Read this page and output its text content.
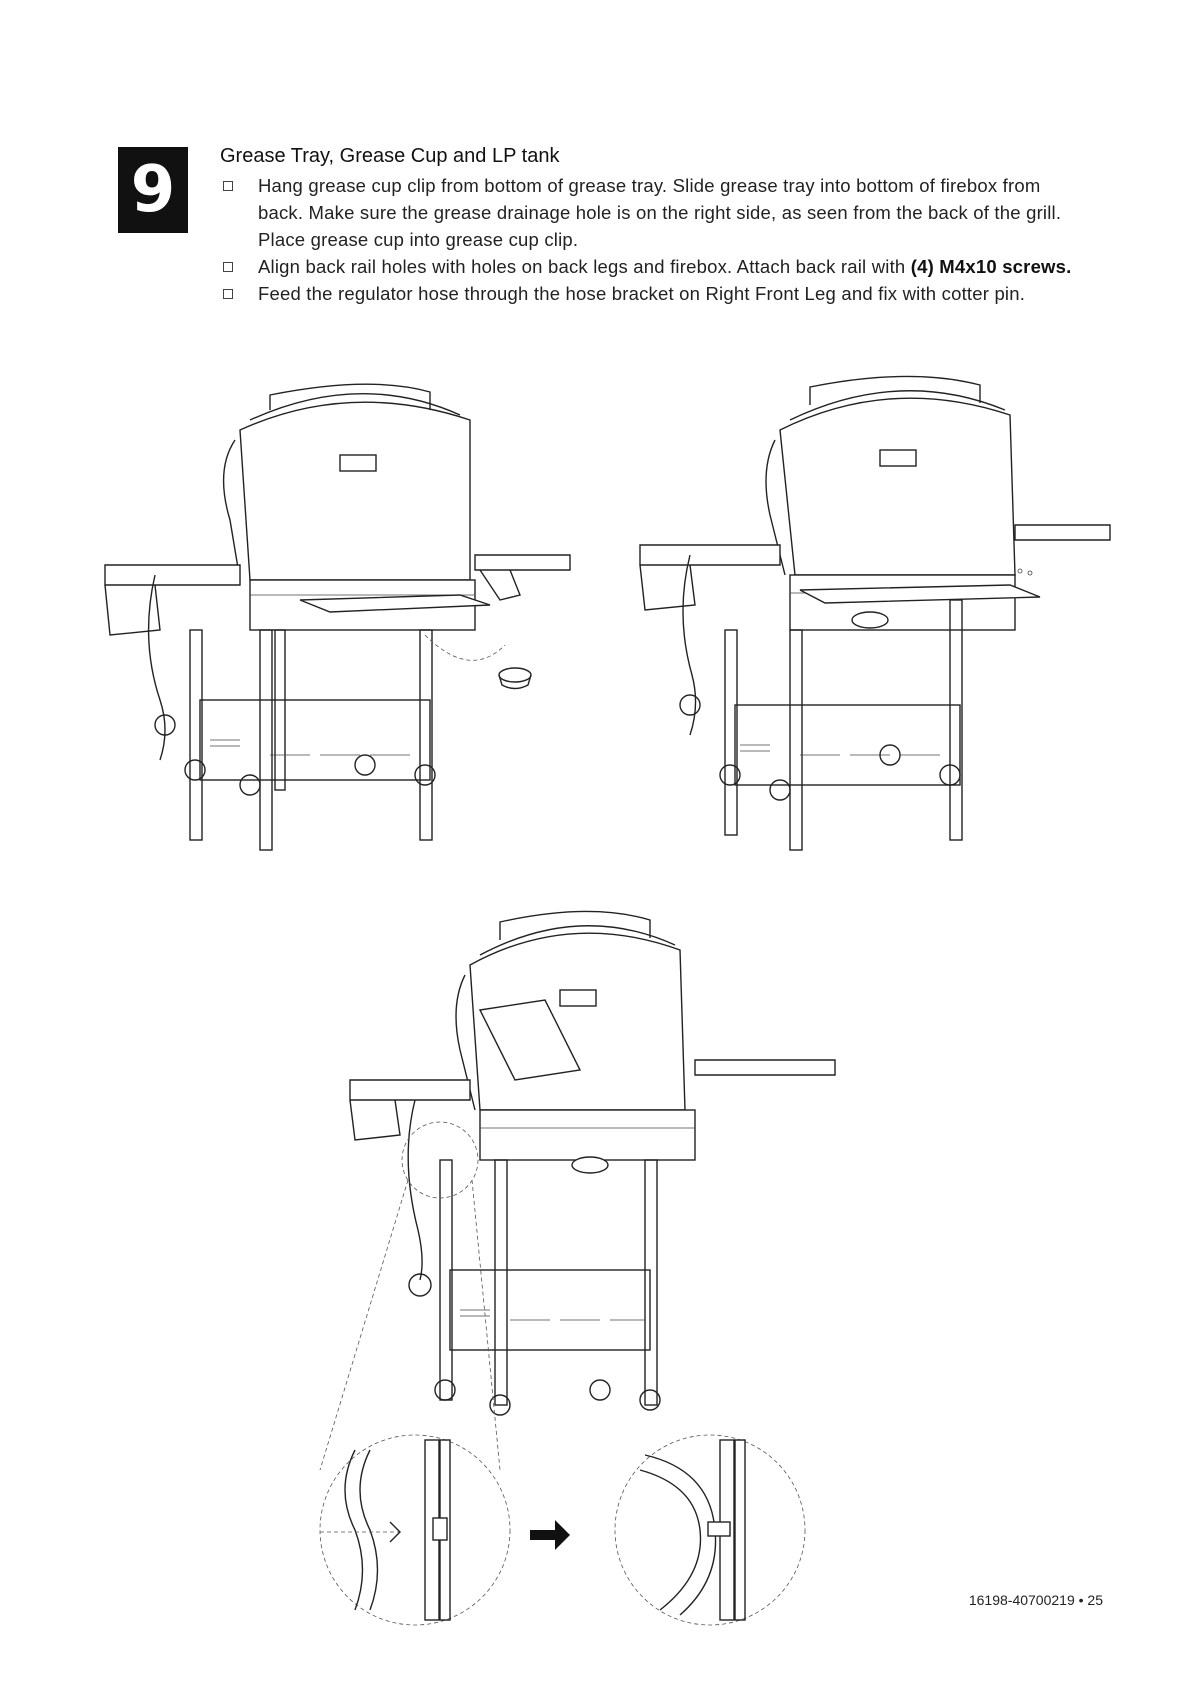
9	Grease Tray, Grease Cup and LP tank
Hang grease cup clip from bottom of grease tray. Slide grease tray into bottom of firebox from back. Make sure the grease drainage hole is on the right side, as seen from the back of the grill. Place grease cup into grease cup clip.
Align back rail holes with holes on back legs and firebox. Attach back rail with (4) M4x10 screws.
Feed the regulator hose through the hose bracket on Right Front Leg and fix with cotter pin.
16198-40700219 • 25
